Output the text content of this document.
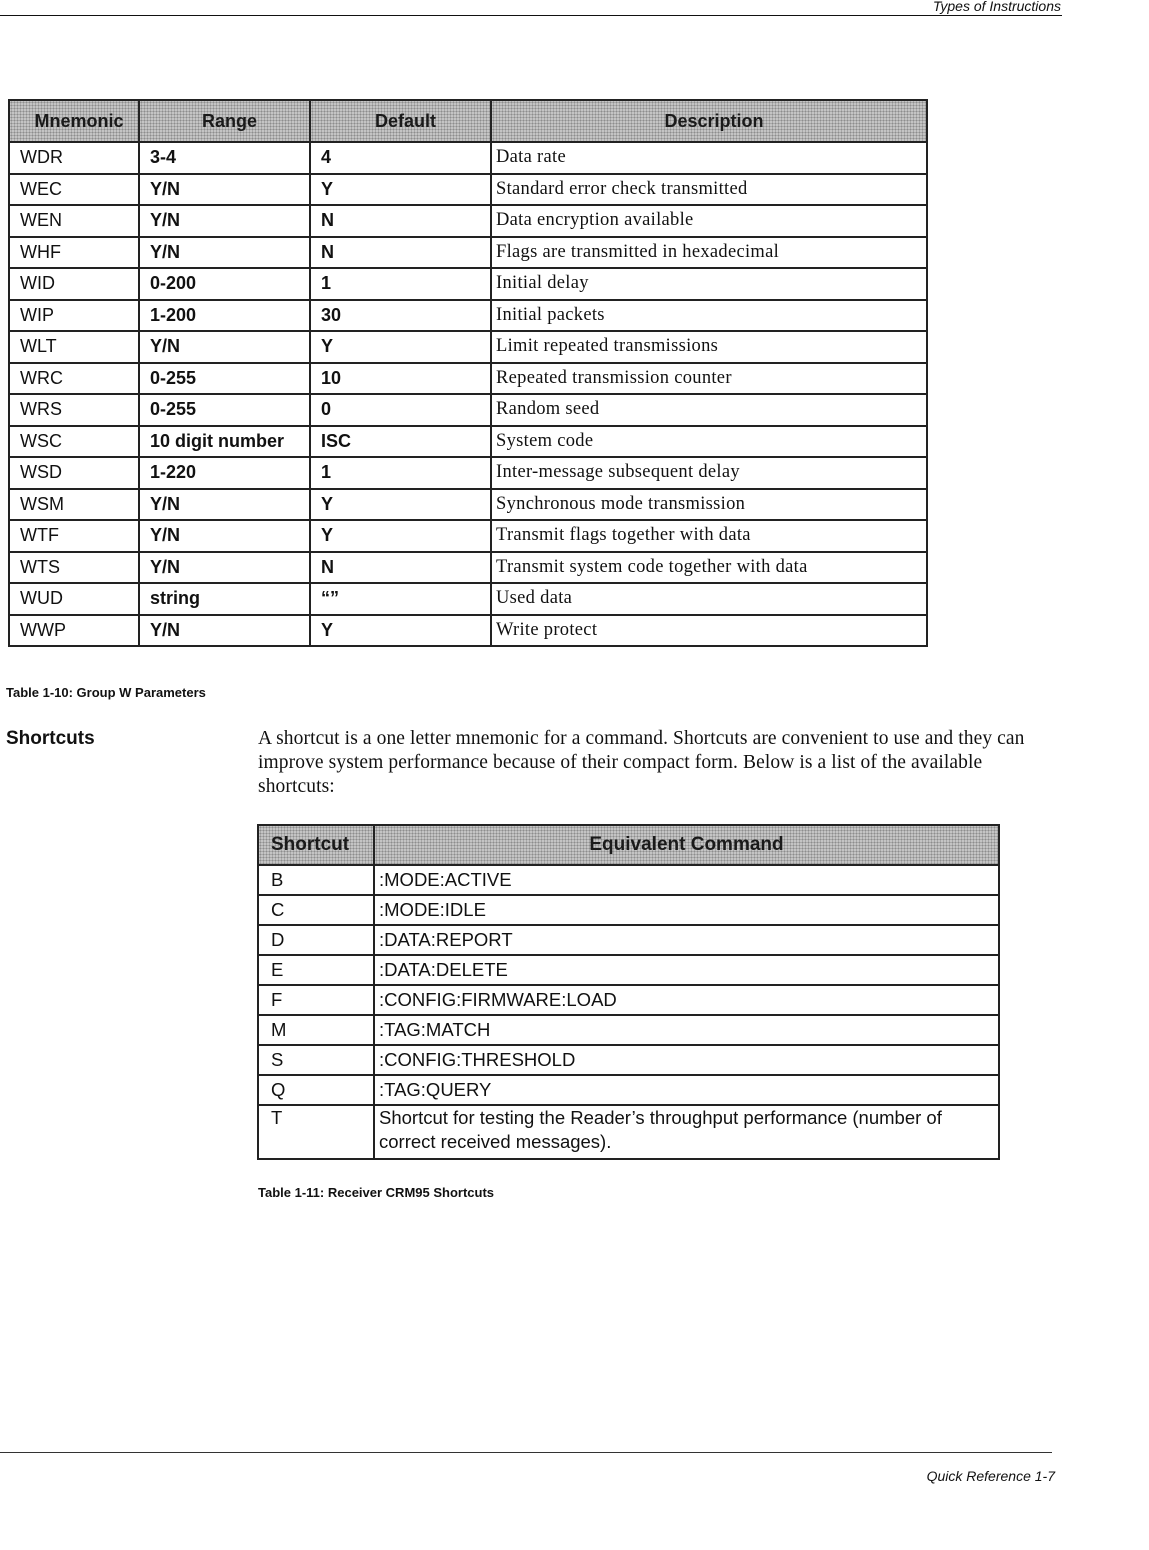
Types of Instructions
Mnemonic	Range	Default	Description
WDR	3-4	4	Data rate
WEC	Y/N	Y	Standard error check transmitted
WEN	Y/N	N	Data encryption available
WHF	Y/N	N	Flags are transmitted in hexadecimal
WID	0-200	1	Initial delay
WIP	1-200	30	Initial packets
WLT	Y/N	Y	Limit repeated transmissions
WRC	0-255	10	Repeated transmission counter
WRS	0-255	0	Random seed
WSC	10 digit number	ISC	System code
WSD	1-220	1	Inter-message subsequent delay
WSM	Y/N	Y	Synchronous mode transmission
WTF	Y/N	Y	Transmit flags together with data
WTS	Y/N	N	Transmit system code together with data
WUD	string	“”	Used data
WWP	Y/N	Y	Write protect
Table 1-10: Group W Parameters
Shortcuts	A shortcut is a one letter mnemonic for a command. Shortcuts are convenient to use and they can improve system performance because of their compact form. Below is a list of the available shortcuts:
Shortcut	Equivalent Command
B	:MODE:ACTIVE
C	:MODE:IDLE
D	:DATA:REPORT
E	:DATA:DELETE
F	:CONFIG:FIRMWARE:LOAD
M	:TAG:MATCH
S	:CONFIG:THRESHOLD
Q	:TAG:QUERY
T	Shortcut for testing the Reader’s throughput performance (number of correct received messages).
Table 1-11: Receiver CRM95 Shortcuts
Quick Reference 1-7
